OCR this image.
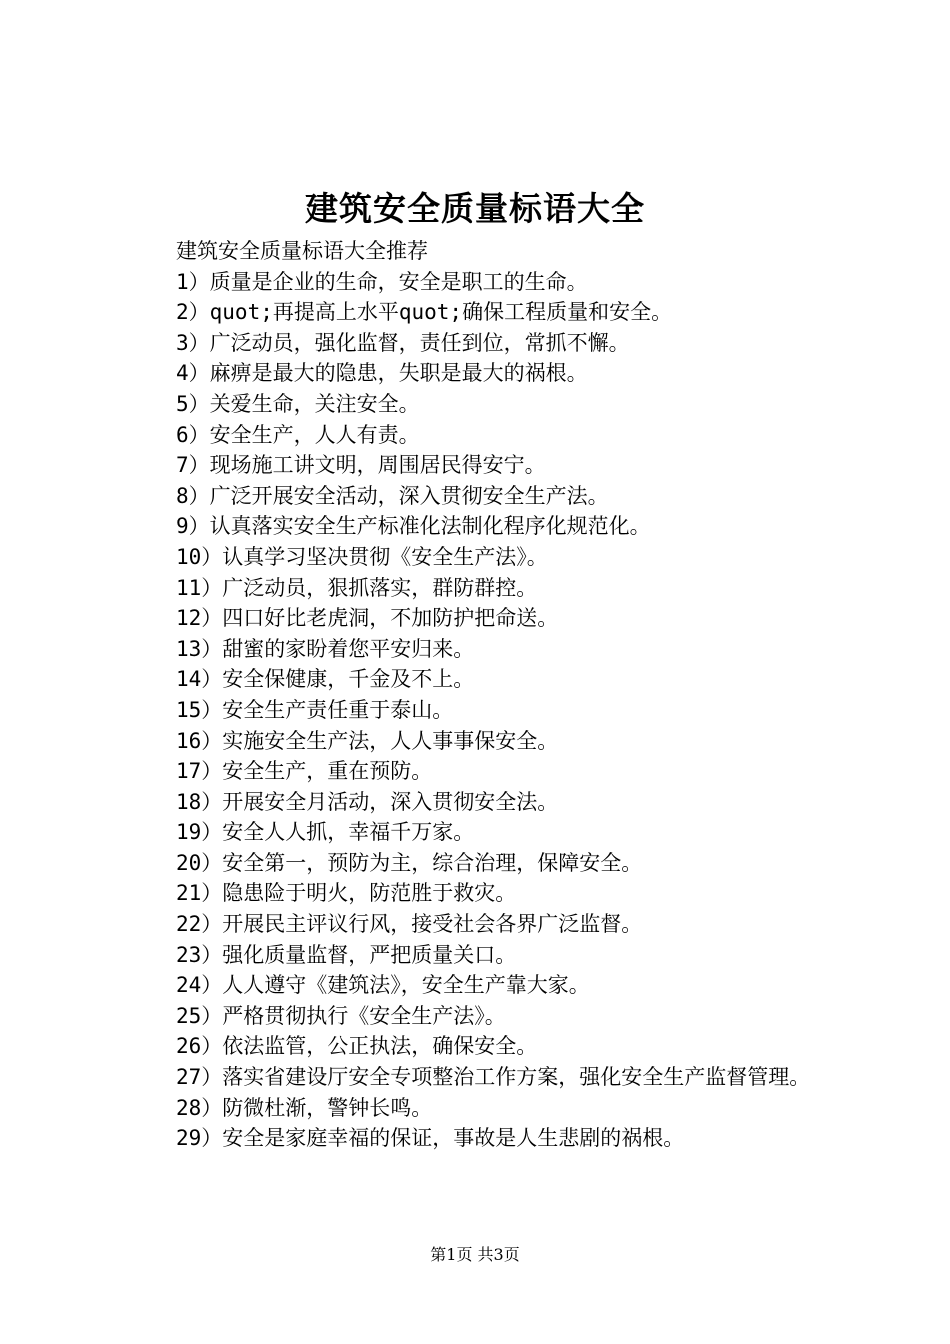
建筑安全质量标语大全

建筑安全质量标语大全推荐

1）质量是企业的生命，安全是职工的生命。

2）quot;再提高上水平quot;确保工程质量和安全。

3）广泛动员，强化监督，责任到位，常抓不懈。

4）麻痹是最大的隐患，失职是最大的祸根。

5）关爱生命，关注安全。

6）安全生产，人人有责。

7）现场施工讲文明，周围居民得安宁。

8）广泛开展安全活动，深入贯彻安全生产法。

9）认真落实安全生产标准化法制化程序化规范化。

10）认真学习坚决贯彻《安全生产法》。

11）广泛动员，狠抓落实，群防群控。

12）四口好比老虎洞，不加防护把命送。

13）甜蜜的家盼着您平安归来。

14）安全保健康，千金及不上。

15）安全生产责任重于泰山。

16）实施安全生产法，人人事事保安全。

17）安全生产，重在预防。

18）开展安全月活动，深入贯彻安全法。

19）安全人人抓，幸福千万家。

20）安全第一，预防为主，综合治理，保障安全。

21）隐患险于明火，防范胜于救灾。

22）开展民主评议行风，接受社会各界广泛监督。

23）强化质量监督，严把质量关口。

24）人人遵守《建筑法》，安全生产靠大家。

25）严格贯彻执行《安全生产法》。

26）依法监管，公正执法，确保安全。

27）落实省建设厅安全专项整治工作方案，强化安全生产监督管理。

28）防微杜渐，警钟长鸣。

29）安全是家庭幸福的保证，事故是人生悲剧的祸根。

第1页 共3页
